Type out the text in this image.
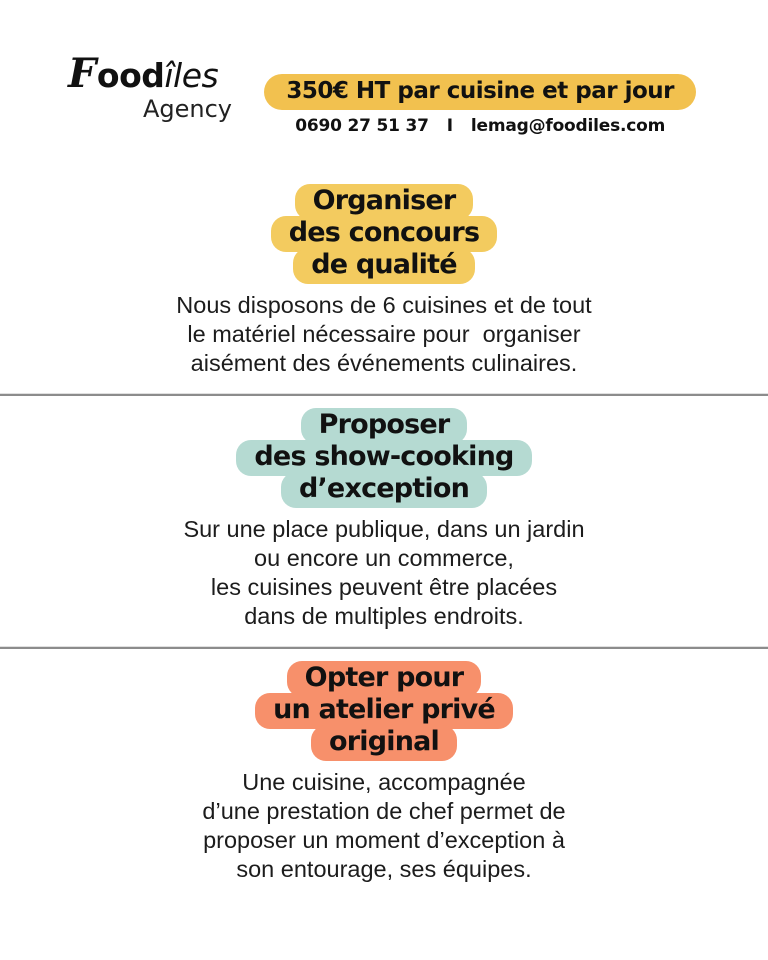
Foodîles
Agency
350€ HT par cuisine et par jour
0690 27 51 37 I lemag@foodiles.com
Organiser
des concours
de qualité
Nous disposons de 6 cuisines et de tout
le matériel nécessaire pour  organiser
aisément des événements culinaires.
Proposer
des show-cooking
d’exception
Sur une place publique, dans un jardin
ou encore un commerce,
les cuisines peuvent être placées
dans de multiples endroits.
Opter pour
un atelier privé
original
Une cuisine, accompagnée
d’une prestation de chef permet de
proposer un moment d’exception à
son entourage, ses équipes.
